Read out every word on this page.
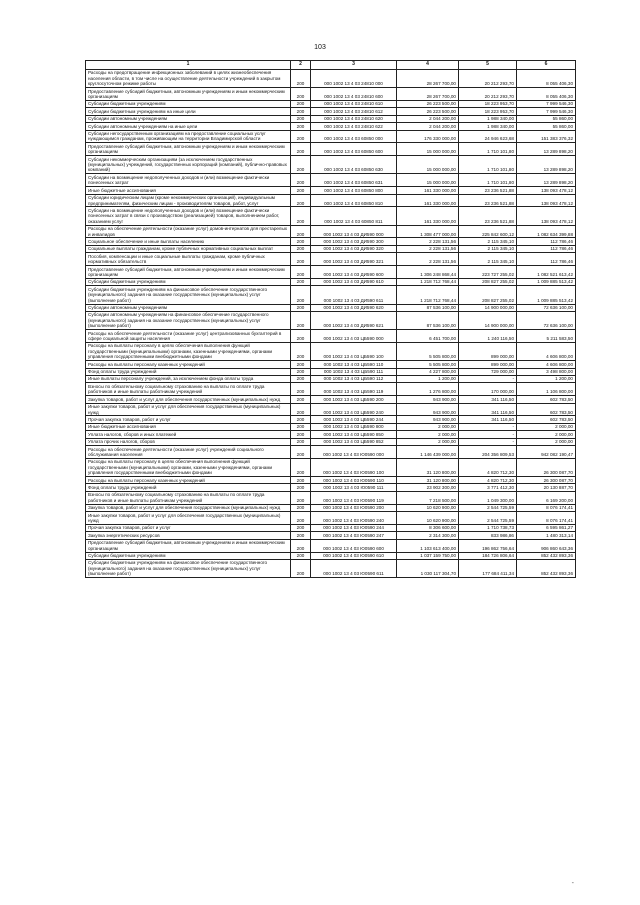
103
1	2	3	4	5	6
Расходы на предотвращение инфекционных заболеваний в целях жизнеобеспечения населения области, в том числе на осуществление деятельности учреждений в закрытом круглосуточном режиме работы	200	000 1002 13 4 03 24810 000	28 267 700,00	20 212 293,70	8 055 406,30
Предоставление субсидий бюджетным, автономным учреждениям и иным некоммерческим организациям	200	000 1002 13 4 03 24810 600	28 267 700,00	20 212 293,70	8 055 406,30
Субсидии бюджетным учреждениям	200	000 1002 13 4 03 24810 610	26 223 500,00	18 223 953,70	7 999 546,30
Субсидии бюджетным учреждениям на иные цели	200	000 1002 13 4 03 24810 612	26 223 500,00	18 223 953,70	7 999 546,30
Субсидии автономным учреждениям	200	000 1002 13 4 03 24810 620	2 044 200,00	1 988 340,00	55 860,00
Субсидии автономным учреждениям на иные цели	200	000 1002 13 4 03 24810 622	2 044 200,00	1 988 340,00	55 860,00
Субсидии негосударственным организациям на предоставление социальных услуг нуждающимся гражданам, проживающим на территории Владимирской области	200	000 1002 13 4 03 60850 000	176 330 000,00	24 946 623,68	151 383 376,32
Предоставление субсидий бюджетным, автономным учреждениям и иным некоммерческим организациям	200	000 1002 13 4 03 60850 600	15 000 000,00	1 710 101,80	13 289 898,20
Субсидии некоммерческим организациям (за исключением государственных (муниципальных) учреждений, государственных корпораций (компаний), публично-правовых компаний)	200	000 1002 13 4 03 60850 630	15 000 000,00	1 710 101,80	13 289 898,20
Субсидии на возмещение недополученных доходов и (или) возмещение фактически понесенных затрат	200	000 1002 13 4 03 60850 631	15 000 000,00	1 710 101,80	13 289 898,20
Иные бюджетные ассигнования	200	000 1002 13 4 03 60850 800	161 330 000,00	23 236 521,88	138 093 478,12
Субсидии юридическим лицам (кроме некоммерческих организаций), индивидуальным предпринимателям, физическим лицам - производителям товаров, работ, услуг	200	000 1002 13 4 03 60850 810	161 330 000,00	23 236 521,88	138 093 478,12
Субсидии на возмещение недополученных доходов и (или) возмещение фактически понесенных затрат в связи с производством (реализацией) товаров, выполнением работ, оказанием услуг	200	000 1002 13 4 03 60850 811	161 330 000,00	23 236 521,88	138 093 478,12
Расходы на обеспечение деятельности (оказание услуг) домов-интернатов для престарелых и инвалидов	200	000 1002 13 4 03 ДИ590 000	1 308 477 000,00	225 842 600,12	1 082 634 399,88
Социальное обеспечение и иные выплаты населению	200	000 1002 13 4 03 ДИ590 300	2 228 131,56	2 115 345,10	112 786,46
Социальные выплаты гражданам, кроме публичных нормативных социальных выплат	200	000 1002 13 4 03 ДИ590 320	2 228 131,56	2 115 345,10	112 786,46
Пособия, компенсации и иные социальные выплаты гражданам, кроме публичных нормативных обязательств	200	000 1002 13 4 03 ДИ590 321	2 228 131,56	2 115 345,10	112 786,46
Предоставление субсидий бюджетным, автономным учреждениям и иным некоммерческим организациям	200	000 1002 13 4 03 ДИ590 600	1 306 248 868,44	223 727 255,02	1 082 521 613,42
Субсидии бюджетным учреждениям	200	000 1002 13 4 03 ДИ590 610	1 218 712 768,44	208 827 255,02	1 009 885 513,42
Субсидии бюджетным учреждениям на финансовое обеспечение государственного (муниципального) задания на оказание государственных (муниципальных) услуг (выполнение работ)	200	000 1002 13 4 03 ДИ590 611	1 218 712 768,44	208 827 255,02	1 009 885 513,42
Субсидии автономным учреждениям	200	000 1002 13 4 03 ДИ590 620	87 536 100,00	14 900 000,00	72 636 100,00
Субсидии автономным учреждениям на финансовое обеспечение государственного (муниципального) задания на оказание государственных (муниципальных) услуг (выполнение работ)	200	000 1002 13 4 03 ДИ590 621	87 536 100,00	14 900 000,00	72 636 100,00
Расходы на обеспечение деятельности (оказание услуг) централизованных бухгалтерий в сфере социальной защиты населения	200	000 1002 13 4 03 ЦБ590 000	6 451 700,00	1 240 116,50	5 211 583,50
Расходы на выплаты персоналу в целях обеспечения выполнения функций государственными (муниципальными) органами, казенными учреждениями, органами управления государственными внебюджетными фондами	200	000 1002 13 4 03 ЦБ590 100	5 505 800,00	899 000,00	4 606 800,00
Расходы на выплаты персоналу казенных учреждений	200	000 1002 13 4 03 ЦБ590 110	5 505 800,00	899 000,00	4 606 800,00
Фонд оплаты труда учреждений	200	000 1002 13 4 03 ЦБ590 111	4 227 800,00	729 000,00	3 498 800,00
Иные выплаты персоналу учреждений, за исключением фонда оплаты труда	200	000 1002 13 4 03 ЦБ590 112	1 200,00	-	1 200,00
Взносы по обязательному социальному страхованию на выплаты по оплате труда работников и иные выплаты работникам учреждений	200	000 1002 13 4 03 ЦБ590 119	1 276 800,00	170 000,00	1 106 800,00
Закупка товаров, работ и услуг для обеспечения государственных (муниципальных) нужд	200	000 1002 13 4 03 ЦБ590 200	943 900,00	341 116,50	602 783,50
Иные закупки товаров, работ и услуг для обеспечения государственных (муниципальных) нужд	200	000 1002 13 4 03 ЦБ590 240	943 900,00	341 116,50	602 783,50
Прочая закупка товаров, работ и услуг	200	000 1002 13 4 03 ЦБ590 244	943 900,00	341 116,50	602 783,50
Иные бюджетные ассигнования	200	000 1002 13 4 03 ЦБ590 800	2 000,00	-	2 000,00
Уплата налогов, сборов и иных платежей	200	000 1002 13 4 03 ЦБ590 850	2 000,00	-	2 000,00
Уплата прочих налогов, сборов	200	000 1002 13 4 03 ЦБ590 852	2 000,00	-	2 000,00
Расходы на обеспечение деятельности (оказание услуг) учреждений социального обслуживания населения	200	000 1002 13 4 03 Ю0590 000	1 146 439 000,00	204 356 809,53	942 082 190,47
Расходы на выплаты персоналу в целях обеспечения выполнения функций государственными (муниципальными) органами, казенными учреждениями, органами управления государственными внебюджетными фондами	200	000 1002 13 4 03 Ю0590 100	31 120 800,00	4 820 712,30	26 300 087,70
Расходы на выплаты персоналу казенных учреждений	200	000 1002 13 4 03 Ю0590 110	31 120 800,00	4 820 712,30	26 300 087,70
Фонд оплаты труда учреждений	200	000 1002 13 4 03 Ю0590 111	23 902 300,00	3 771 412,30	20 130 887,70
Взносы по обязательному социальному страхованию на выплаты по оплате труда работников и иные выплаты работникам учреждений	200	000 1002 13 4 03 Ю0590 119	7 218 500,00	1 049 300,00	6 169 200,00
Закупка товаров, работ и услуг для обеспечения государственных (муниципальных) нужд	200	000 1002 13 4 03 Ю0590 200	10 620 900,00	2 544 725,59	8 076 174,41
Иные закупки товаров, работ и услуг для обеспечения государственных (муниципальных) нужд	200	000 1002 13 4 03 Ю0590 240	10 620 900,00	2 544 725,59	8 076 174,41
Прочая закупка товаров, работ и услуг	200	000 1002 13 4 03 Ю0590 244	8 306 600,00	1 710 738,73	6 595 861,27
Закупка энергетических ресурсов	200	000 1002 13 4 03 Ю0590 247	2 314 300,00	833 986,86	1 480 313,14
Предоставление субсидий бюджетным, автономным учреждениям и иным некоммерческим организациям	200	000 1002 13 4 03 Ю0590 600	1 103 613 400,00	196 862 756,64	906 860 643,36
Субсидии бюджетным учреждениям	200	000 1002 13 4 03 Ю0590 610	1 037 159 750,00	184 726 806,64	852 432 893,36
Субсидии бюджетным учреждениям на финансовое обеспечение государственного (муниципального) задания на оказание государственных (муниципальных) услуг (выполнение работ)	200	000 1002 13 4 03 Ю0590 611	1 030 117 304,70	177 684 411,34	852 432 893,36
-
